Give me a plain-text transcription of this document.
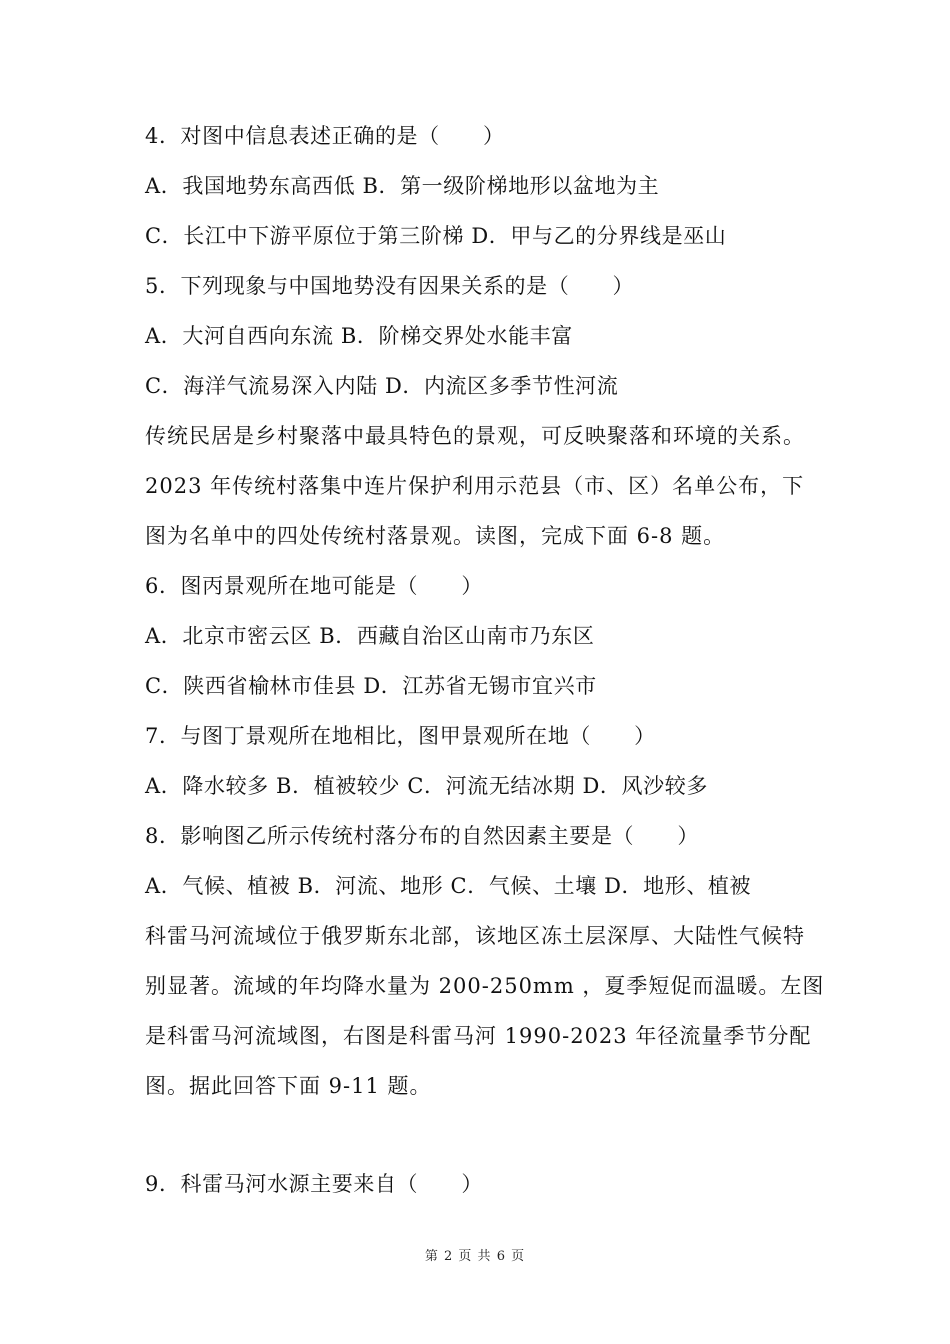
4．对图中信息表述正确的是（　　）
A．我国地势东高西低 B．第一级阶梯地形以盆地为主
C．长江中下游平原位于第三阶梯 D．甲与乙的分界线是巫山
5．下列现象与中国地势没有因果关系的是（　　）
A．大河自西向东流 B．阶梯交界处水能丰富
C．海洋气流易深入内陆 D．内流区多季节性河流
传统民居是乡村聚落中最具特色的景观，可反映聚落和环境的关系。
2023 年传统村落集中连片保护利用示范县（市、区）名单公布，下
图为名单中的四处传统村落景观。读图，完成下面 6-8 题。
6．图丙景观所在地可能是（　　）
A．北京市密云区 B．西藏自治区山南市乃东区
C．陕西省榆林市佳县 D．江苏省无锡市宜兴市
7．与图丁景观所在地相比，图甲景观所在地（　　）
A．降水较多 B．植被较少 C．河流无结冰期 D．风沙较多
8．影响图乙所示传统村落分布的自然因素主要是（　　）
A．气候、植被 B．河流、地形 C．气候、土壤 D．地形、植被
科雷马河流域位于俄罗斯东北部，该地区冻土层深厚、大陆性气候特
别显著。流域的年均降水量为 200-250mm ，夏季短促而温暖。左图
是科雷马河流域图，右图是科雷马河 1990-2023 年径流量季节分配
图。据此回答下面 9-11 题。
9．科雷马河水源主要来自（　　）
第 2 页 共 6 页
